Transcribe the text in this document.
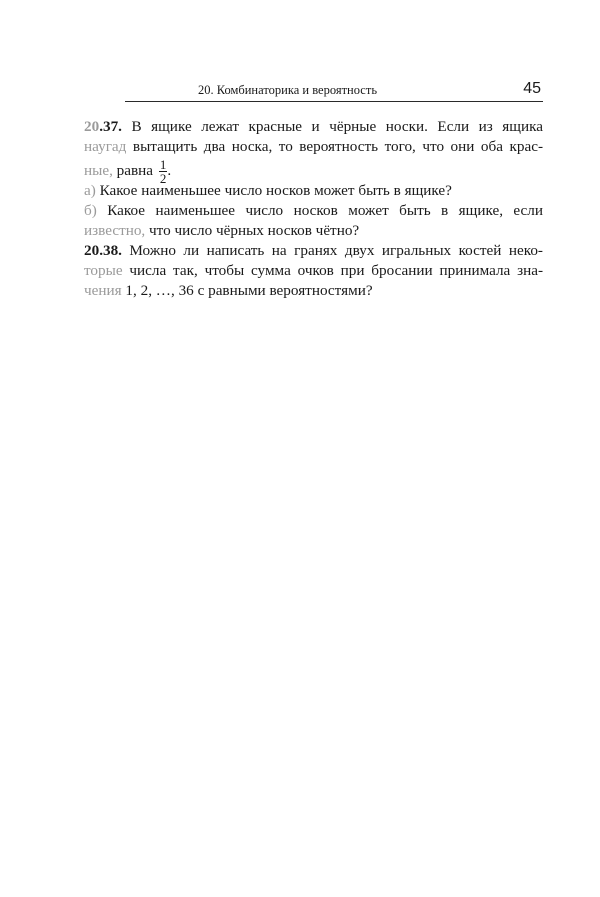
20. Комбинаторика и вероятность	45
20.37. В ящике лежат красные и чёрные носки. Если из ящика
наугад вытащить два носка, то вероятность того, что они оба крас-
ные, равна $\frac{1}{2}$ .
а) Какое наименьшее число носков может быть в ящике?
б) Какое наименьшее число носков может быть в ящике, если
известно, что число чёрных носков чётно?
20.38. Можно ли написать на гранях двух игральных костей неко-
торые числа так, чтобы сумма очков при бросании принимала зна-
чения 1, 2, …, 36 с равными вероятностями?
